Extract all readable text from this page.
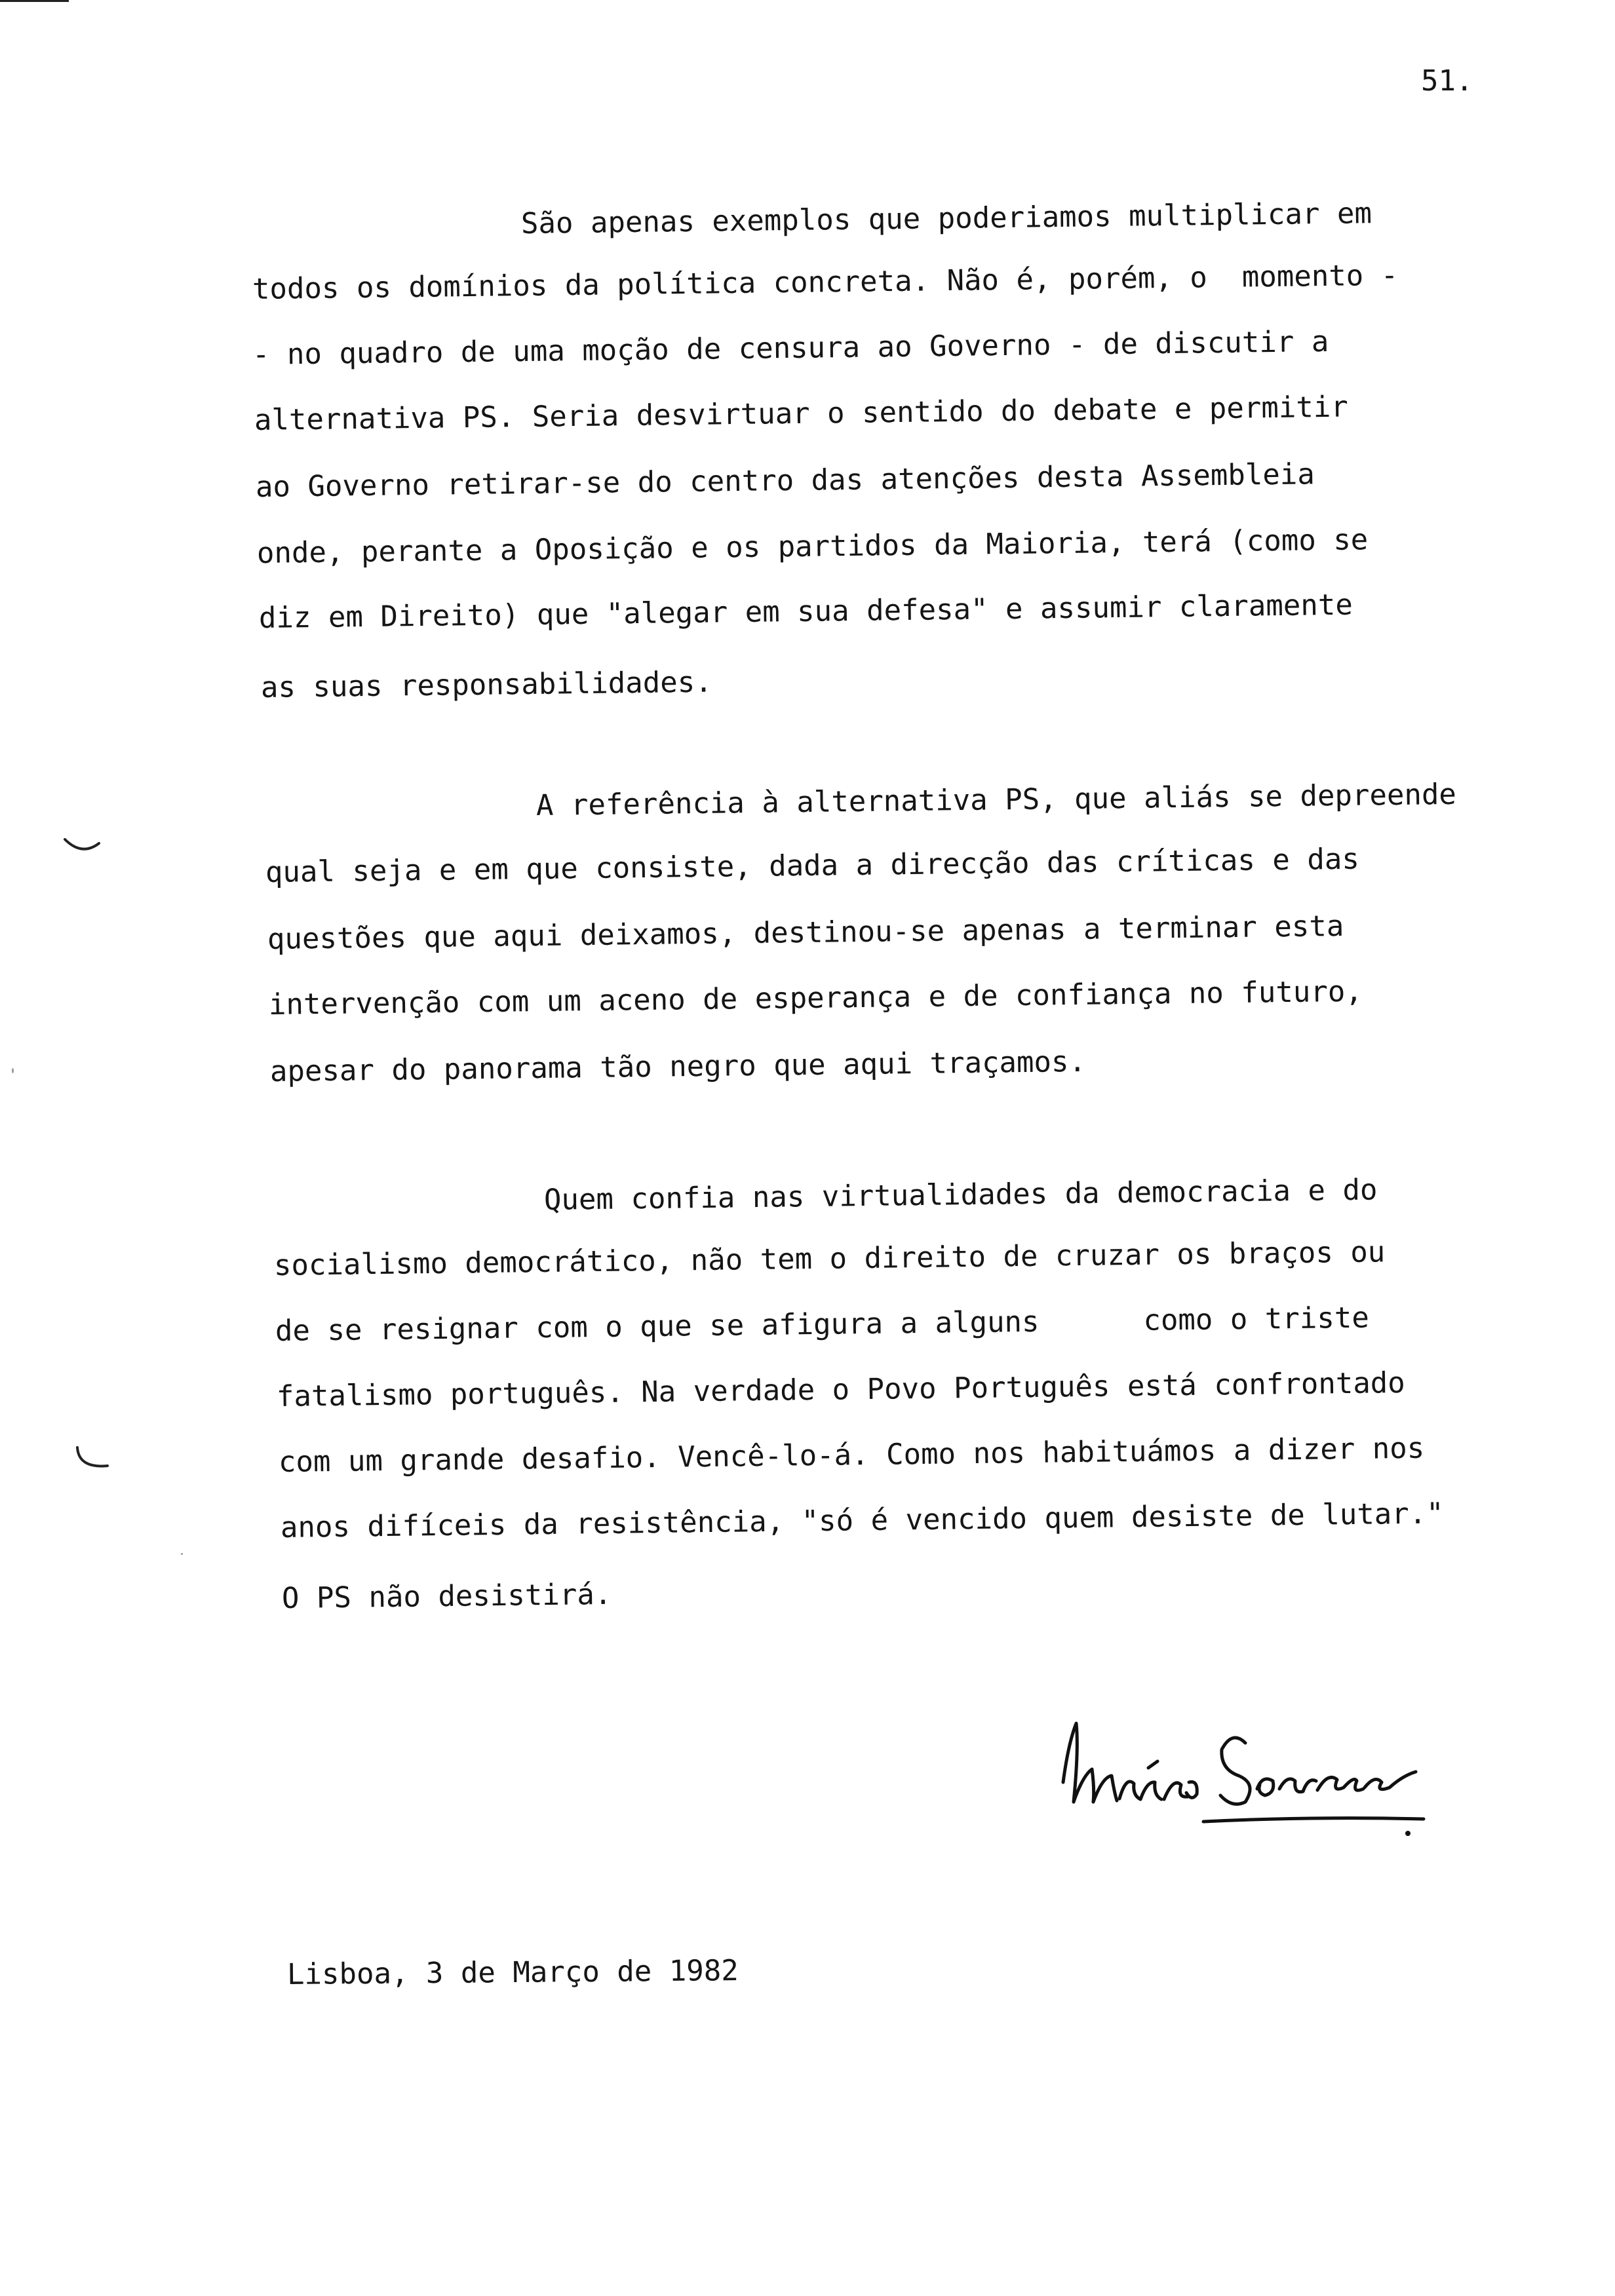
51.
São apenas exemplos que poderiamos multiplicar em
todos os domínios da política concreta. Não é, porém, o  momento -
- no quadro de uma moção de censura ao Governo - de discutir a
alternativa PS. Seria desvirtuar o sentido do debate e permitir
ao Governo retirar-se do centro das atenções desta Assembleia
onde, perante a Oposição e os partidos da Maioria, terá (como se
diz em Direito) que "alegar em sua defesa" e assumir claramente
as suas responsabilidades.
A referência à alternativa PS, que aliás se depreende
qual seja e em que consiste, dada a direcção das críticas e das
questões que aqui deixamos, destinou-se apenas a terminar esta
intervenção com um aceno de esperança e de confiança no futuro,
apesar do panorama tão negro que aqui traçamos.
Quem confia nas virtualidades da democracia e do
socialismo democrático, não tem o direito de cruzar os braços ou
de se resignar com o que se afigura a alguns      como o triste
fatalismo português. Na verdade o Povo Português está confrontado
com um grande desafio. Vencê-lo-á. Como nos habituámos a dizer nos
anos difíceis da resistência, "só é vencido quem desiste de lutar."
O PS não desistirá.
Lisboa, 3 de Março de 1982
